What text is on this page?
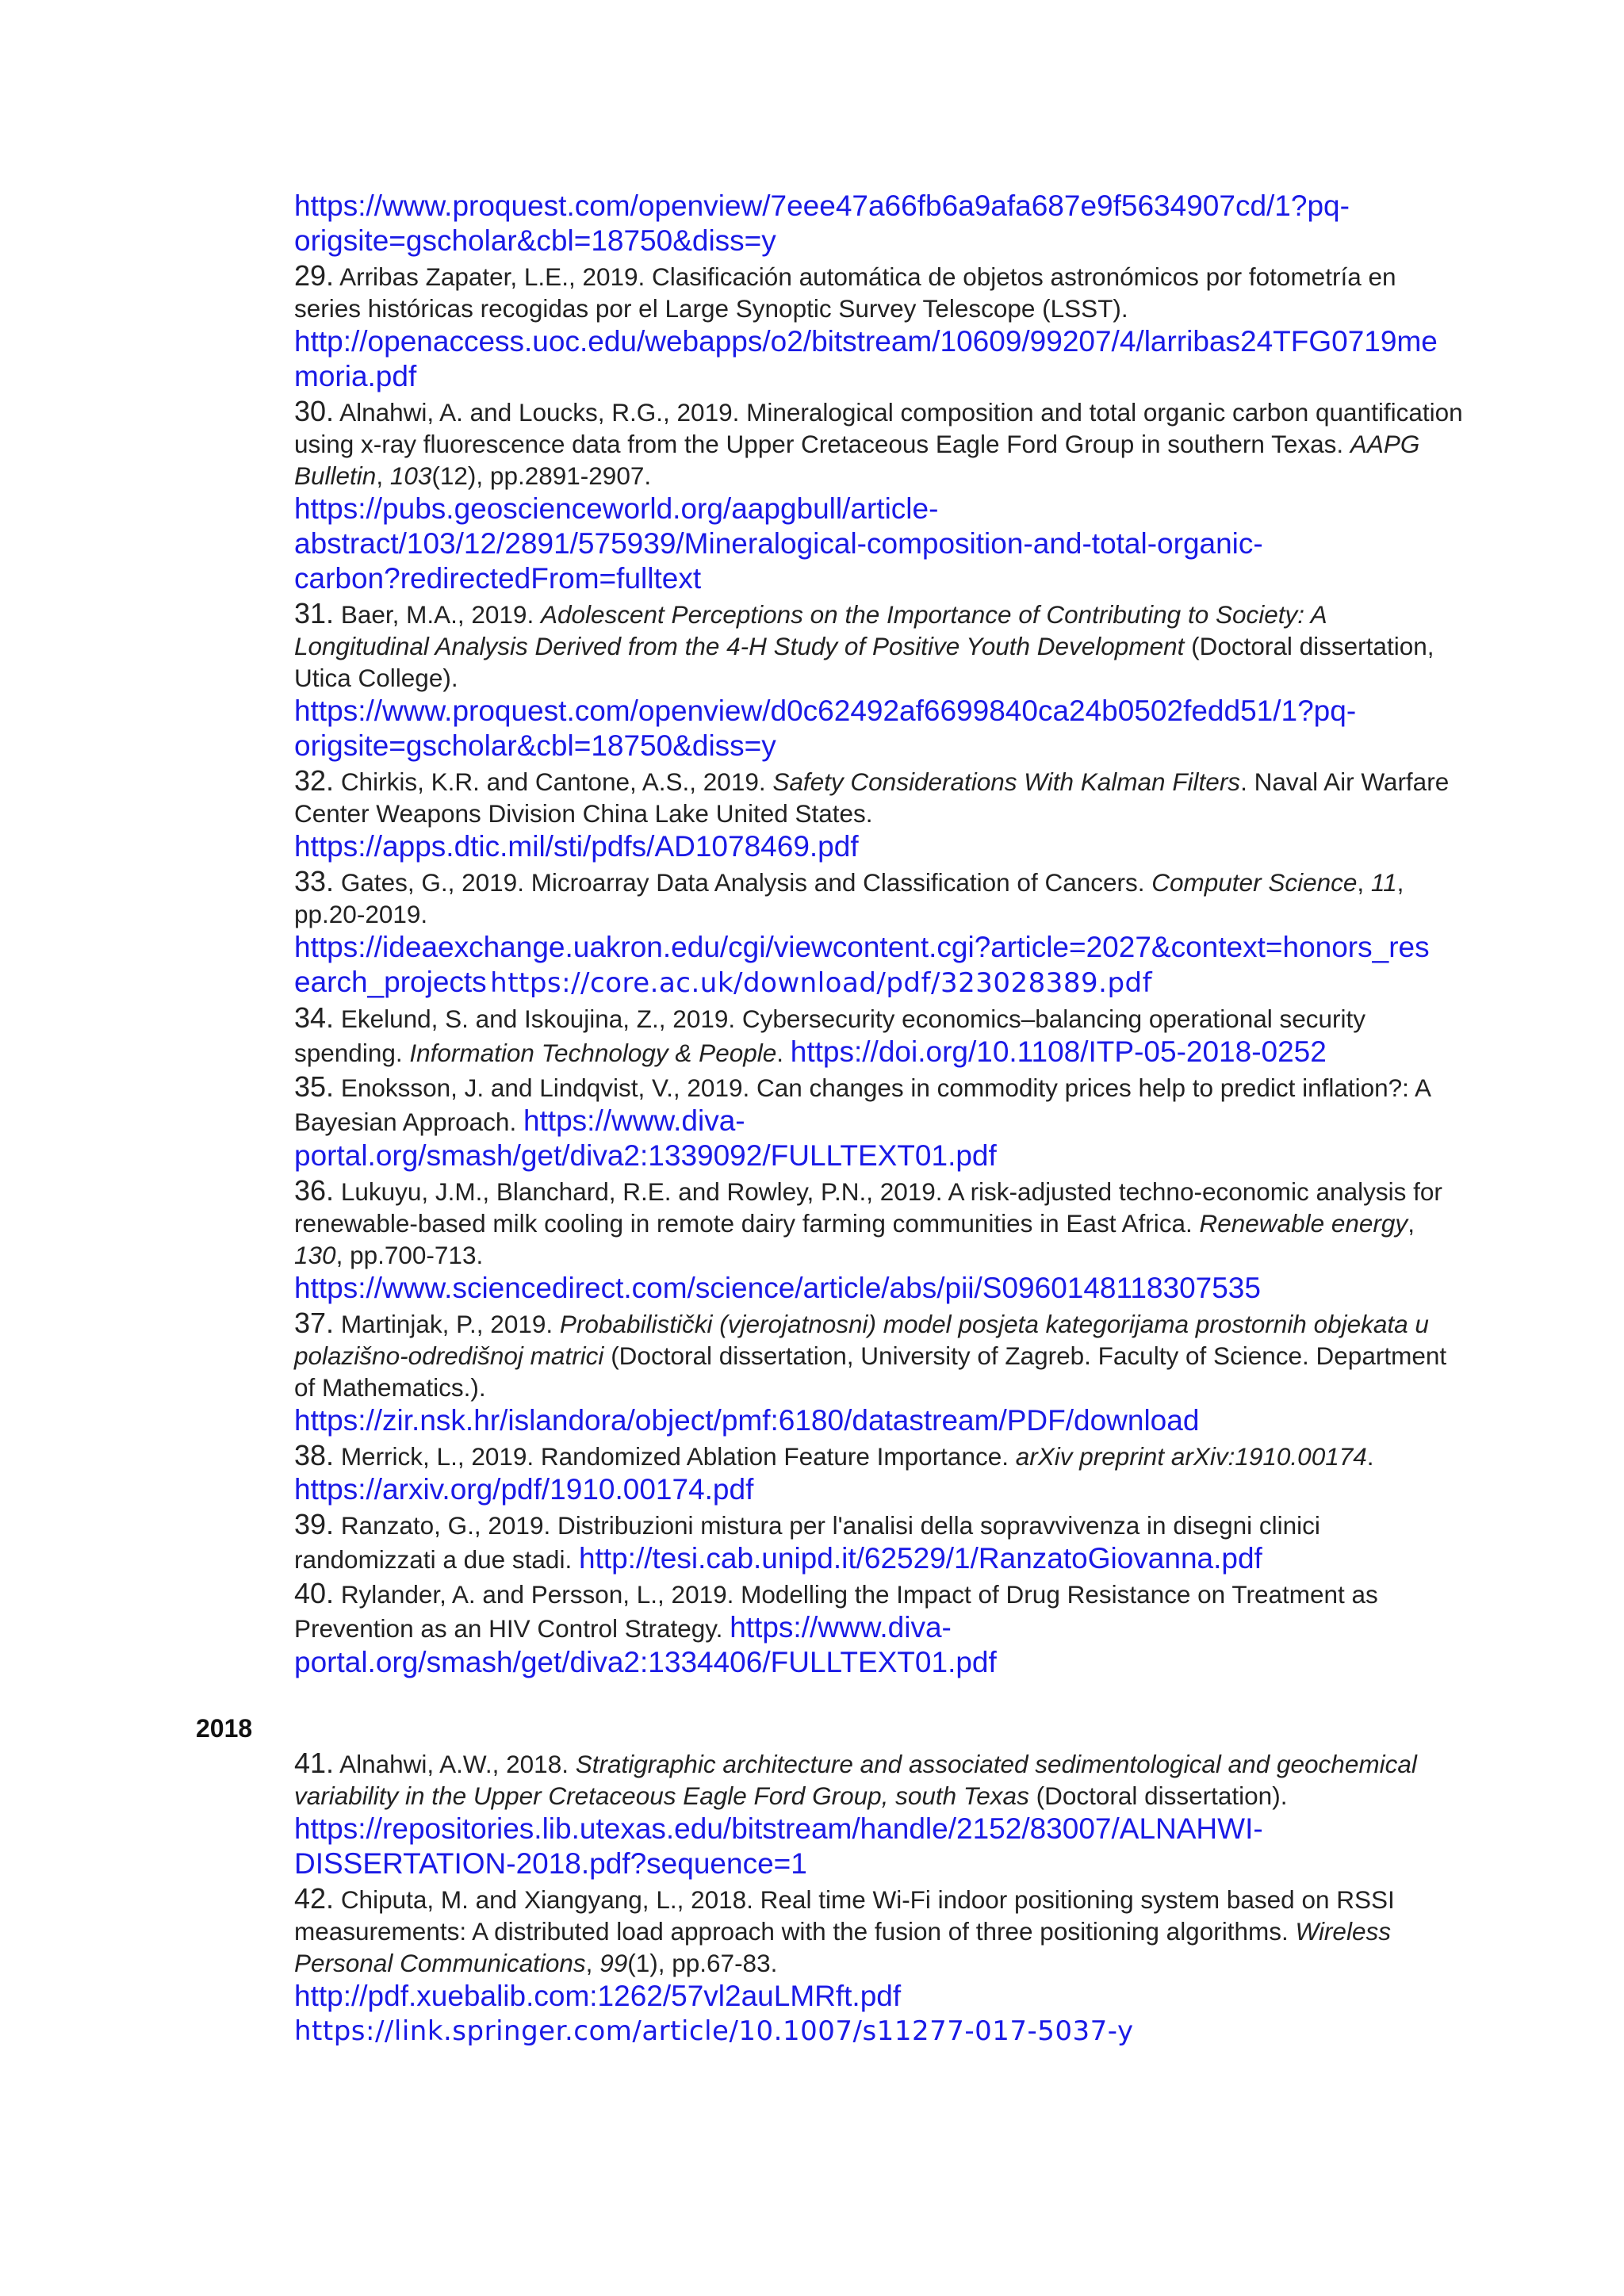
https://www.proquest.com/openview/7eee47a66fb6a9afa687e9f5634907cd/1?pq-
origsite=gscholar&cbl=18750&diss=y

29. Arribas Zapater, L.E., 2019. Clasificación automática de objetos astronómicos por fotometría en series históricas recogidas por el Large Synoptic Survey Telescope (LSST).

http://openaccess.uoc.edu/webapps/o2/bitstream/10609/99207/4/larribas24TFG0719me
moria.pdf

30. Alnahwi, A. and Loucks, R.G., 2019. Mineralogical composition and total organic carbon quantification using x-ray fluorescence data from the Upper Cretaceous Eagle Ford Group in southern Texas. AAPG Bulletin, 103(12), pp.2891-2907.

https://pubs.geoscienceworld.org/aapgbull/article-
abstract/103/12/2891/575939/Mineralogical-composition-and-total-organic-
carbon?redirectedFrom=fulltext

31. Baer, M.A., 2019. Adolescent Perceptions on the Importance of Contributing to Society: A Longitudinal Analysis Derived from the 4-H Study of Positive Youth Development (Doctoral dissertation, Utica College).

https://www.proquest.com/openview/d0c62492af6699840ca24b0502fedd51/1?pq-
origsite=gscholar&cbl=18750&diss=y

32. Chirkis, K.R. and Cantone, A.S., 2019. Safety Considerations With Kalman Filters. Naval Air Warfare Center Weapons Division China Lake United States.

https://apps.dtic.mil/sti/pdfs/AD1078469.pdf

33. Gates, G., 2019. Microarray Data Analysis and Classification of Cancers. Computer Science, 11, pp.20-2019.

https://ideaexchange.uakron.edu/cgi/viewcontent.cgi?article=2027&context=honors_res
earch_projects https://core.ac.uk/download/pdf/323028389.pdf

34. Ekelund, S. and Iskoujina, Z., 2019. Cybersecurity economics–balancing operational security spending. Information Technology & People. https://doi.org/10.1108/ITP-05-2018-0252

35. Enoksson, J. and Lindqvist, V., 2019. Can changes in commodity prices help to predict inflation?: A Bayesian Approach. https://www.diva-

portal.org/smash/get/diva2:1339092/FULLTEXT01.pdf

36. Lukuyu, J.M., Blanchard, R.E. and Rowley, P.N., 2019. A risk-adjusted techno-economic analysis for renewable-based milk cooling in remote dairy farming communities in East Africa. Renewable energy, 130, pp.700-713.

https://www.sciencedirect.com/science/article/abs/pii/S0960148118307535

37. Martinjak, P., 2019. Probabilistički (vjerojatnosni) model posjeta kategorijama prostornih objekata u polazišno-odredišnoj matrici (Doctoral dissertation, University of Zagreb. Faculty of Science. Department of Mathematics.).

https://zir.nsk.hr/islandora/object/pmf:6180/datastream/PDF/download

38. Merrick, L., 2019. Randomized Ablation Feature Importance. arXiv preprint arXiv:1910.00174. https://arxiv.org/pdf/1910.00174.pdf

39. Ranzato, G., 2019. Distribuzioni mistura per l'analisi della sopravvivenza in disegni clinici randomizzati a due stadi. http://tesi.cab.unipd.it/62529/1/RanzatoGiovanna.pdf

40. Rylander, A. and Persson, L., 2019. Modelling the Impact of Drug Resistance on Treatment as Prevention as an HIV Control Strategy. https://www.diva-

portal.org/smash/get/diva2:1334406/FULLTEXT01.pdf
2018

41. Alnahwi, A.W., 2018. Stratigraphic architecture and associated sedimentological and geochemical variability in the Upper Cretaceous Eagle Ford Group, south Texas (Doctoral dissertation). https://repositories.lib.utexas.edu/bitstream/handle/2152/83007/ALNAHWI-

DISSERTATION-2018.pdf?sequence=1

42. Chiputa, M. and Xiangyang, L., 2018. Real time Wi-Fi indoor positioning system based on RSSI measurements: A distributed load approach with the fusion of three positioning algorithms. Wireless Personal Communications, 99(1), pp.67-83.

http://pdf.xuebalib.com:1262/57vl2auLMRft.pdf
https://link.springer.com/article/10.1007/s11277-017-5037-y
